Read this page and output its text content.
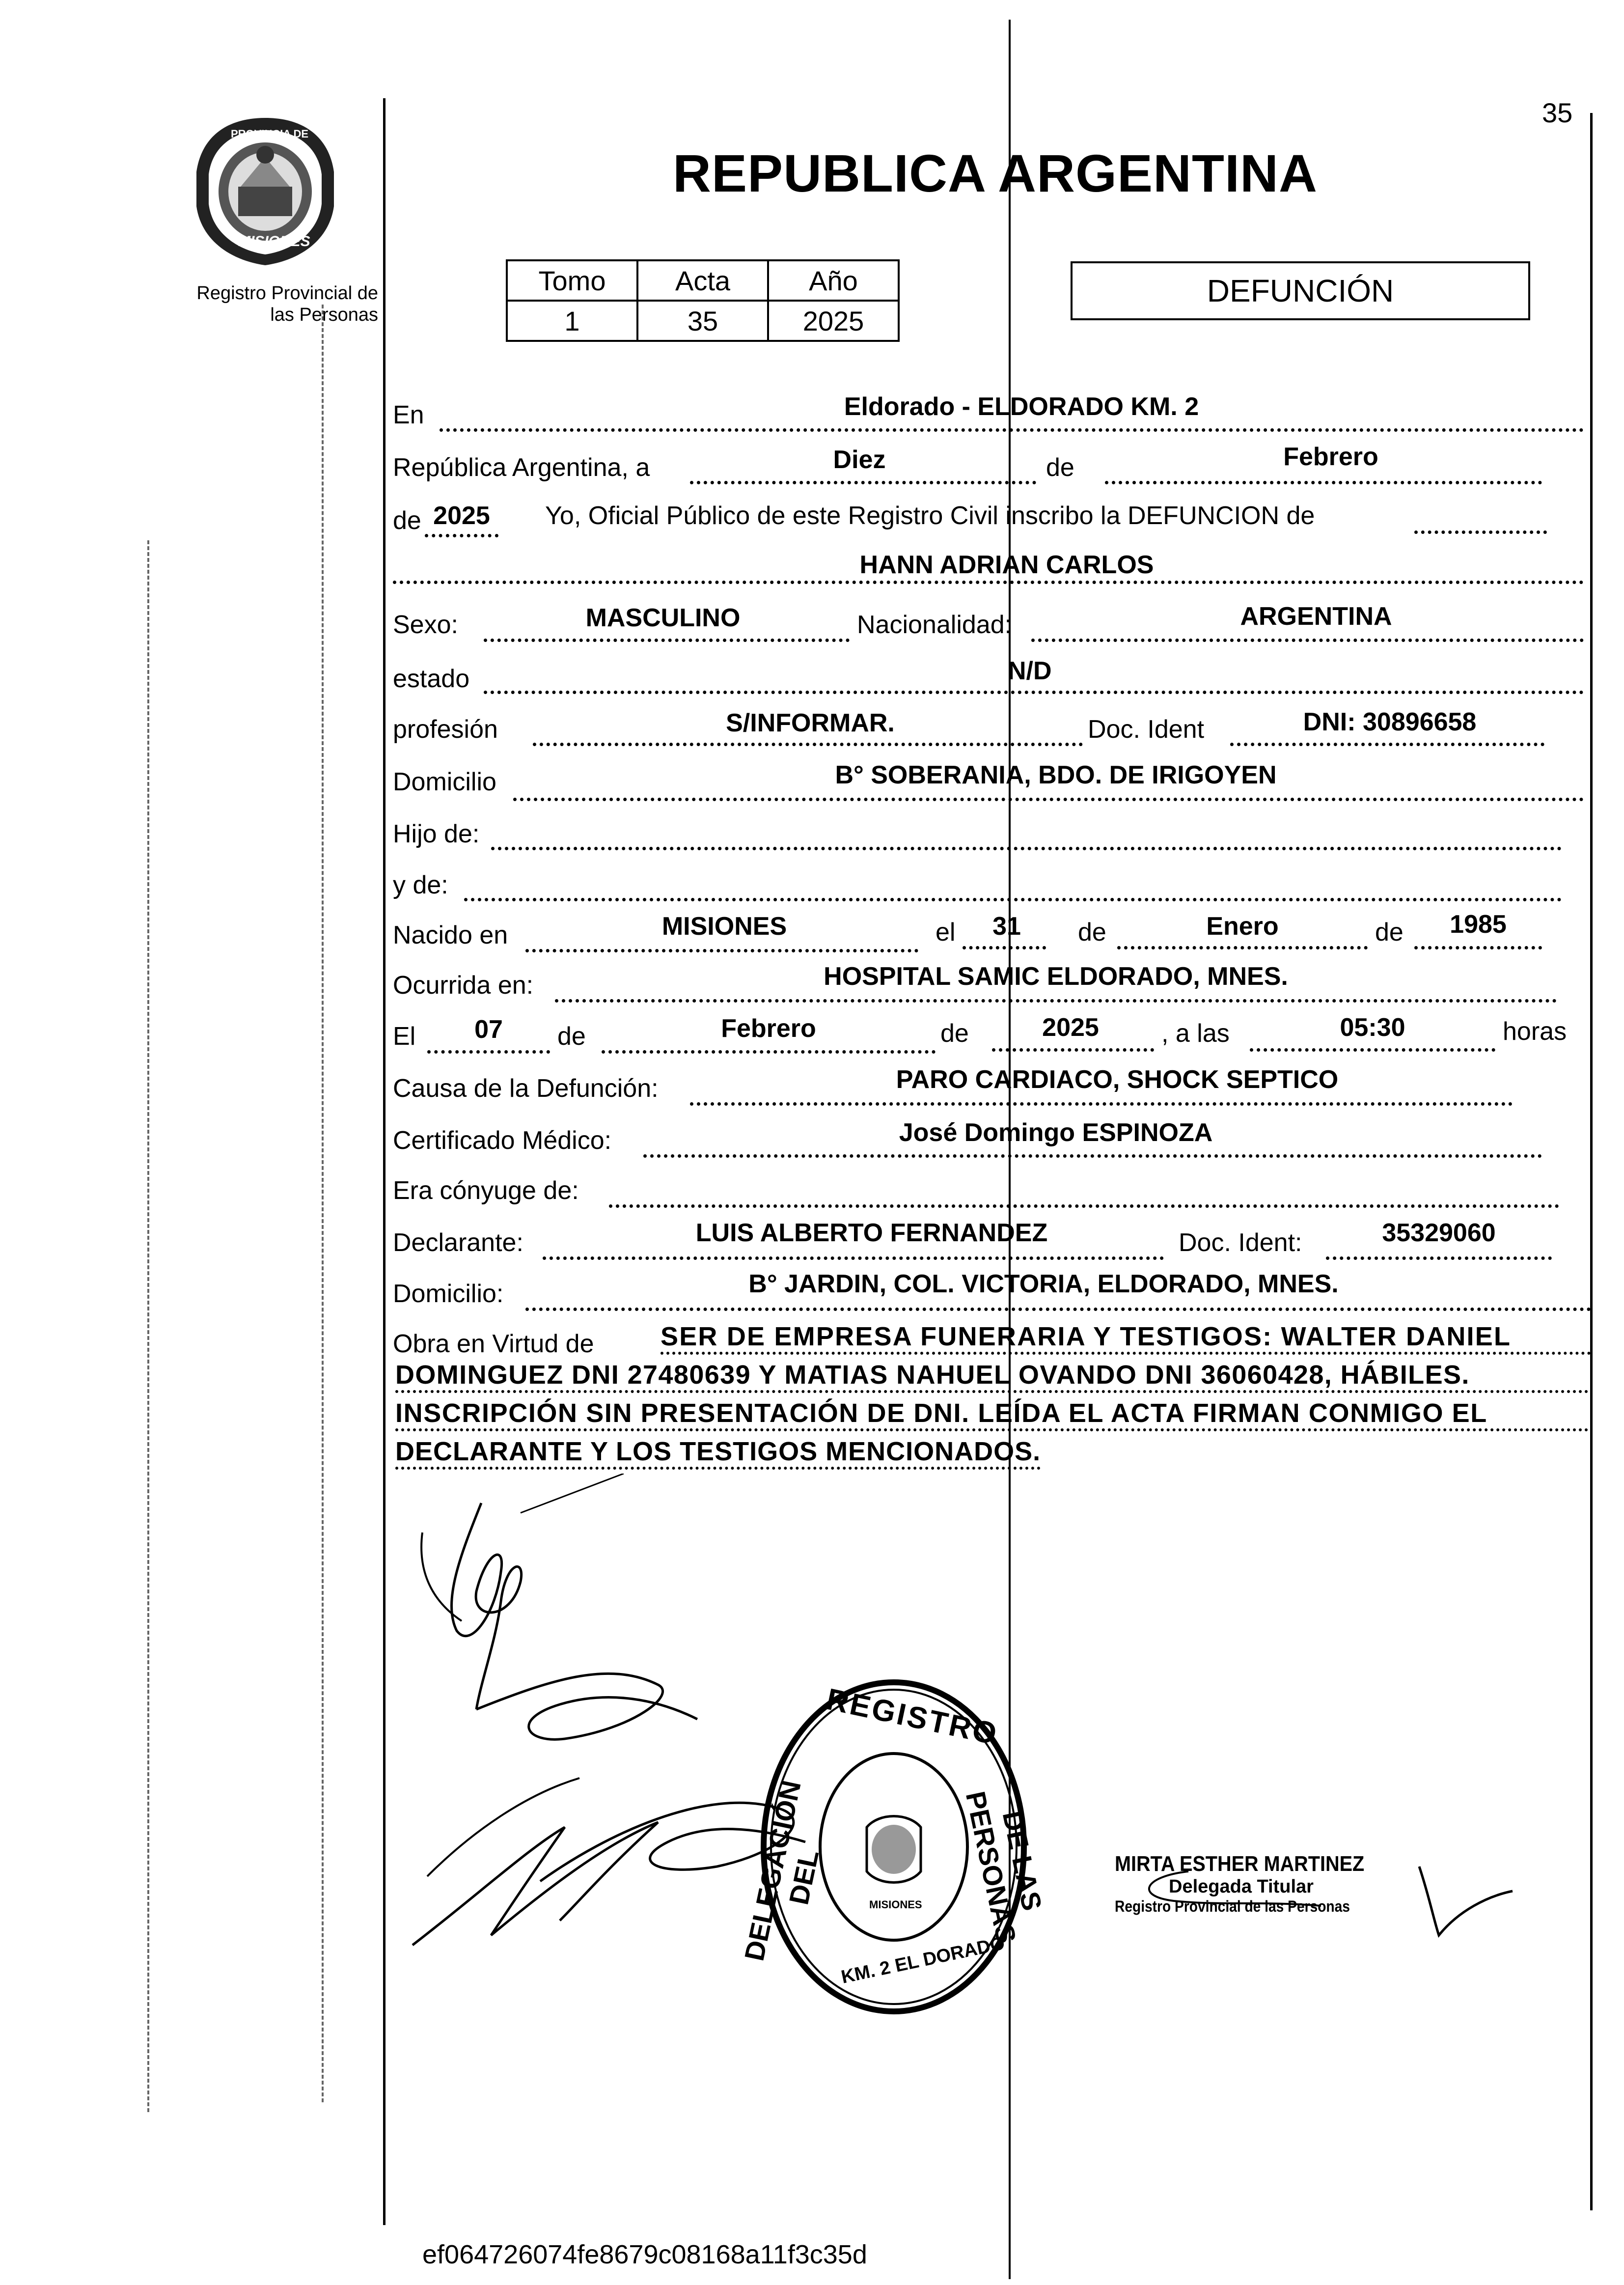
35
PROVINCIA DE
MISIONES
Registro Provincial de
las Personas
REPUBLICA ARGENTINA
Tomo	Acta	Año
1	35	2025
DEFUNCIÓN
En	Eldorado - ELDORADO KM. 2
República Argentina, a	Diez	de	Febrero
de 2025	Yo, Oficial Público de este Registro Civil inscribo la DEFUNCION de
HANN ADRIAN CARLOS
Sexo:	MASCULINO	Nacionalidad:	ARGENTINA
estado	N/D
profesión	S/INFORMAR.	Doc. Ident	DNI: 30896658
Domicilio	B° SOBERANIA, BDO. DE IRIGOYEN
Hijo de:
y de:
Nacido en	MISIONES	el	31	de	Enero	de	1985
Ocurrida en:	HOSPITAL SAMIC ELDORADO, MNES.
El	07	de	Febrero	de	2025	, a las	05:30	horas
Causa de la Defunción:	PARO CARDIACO, SHOCK SEPTICO
Certificado Médico:	José Domingo ESPINOZA
Era cónyuge de:
Declarante:	LUIS ALBERTO FERNANDEZ	Doc. Ident:	35329060
Domicilio:	B° JARDIN, COL. VICTORIA, ELDORADO, MNES.
Obra en Virtud de	SER DE EMPRESA FUNERARIA Y TESTIGOS: WALTER DANIEL
DOMINGUEZ DNI 27480639 Y MATIAS NAHUEL OVANDO DNI 36060428, HÁBILES.
INSCRIPCIÓN SIN PRESENTACIÓN DE DNI. LEÍDA EL ACTA FIRMAN CONMIGO EL
DECLARANTE Y LOS TESTIGOS MENCIONADOS.
REGISTRO
DELEGACIÓN DEL	DE LAS PERSONAS
KM. 2 EL DORADO
MISIONES
MIRTA ESTHER MARTINEZ
Delegada Titular
Registro Provincial de las Personas
ef064726074fe8679c08168a11f3c35d
